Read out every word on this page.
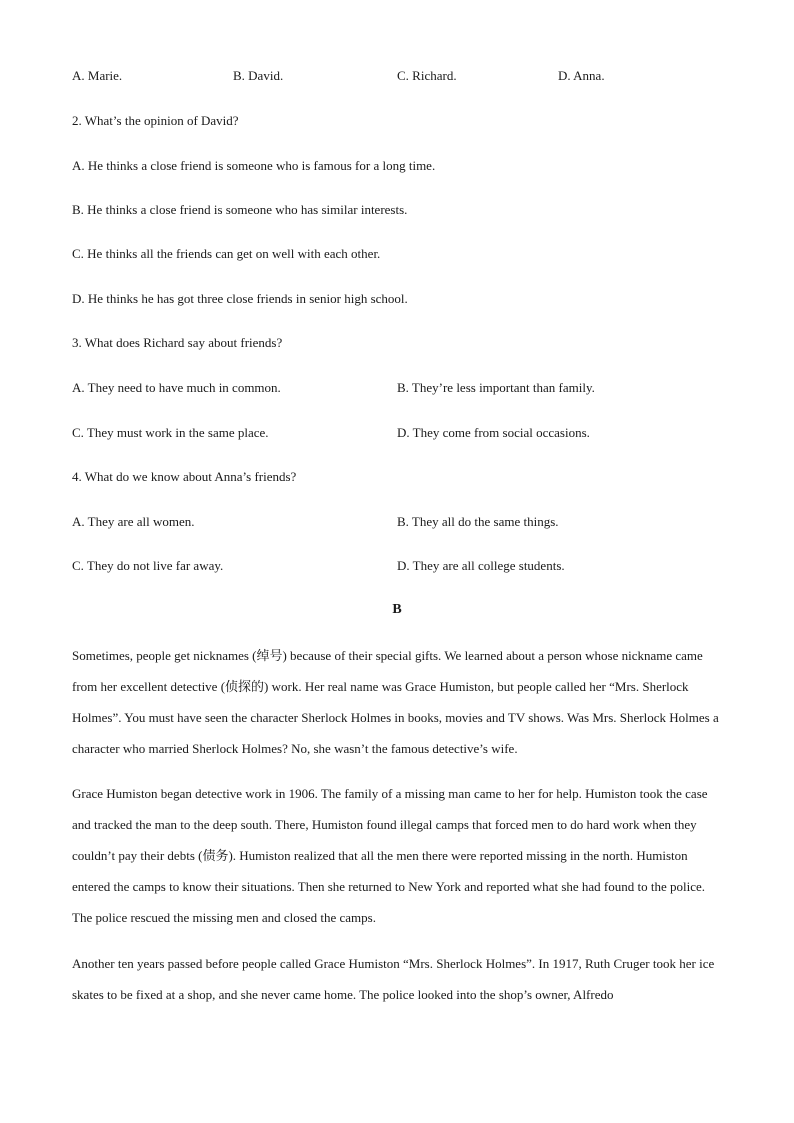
A. Marie.	B. David.	C. Richard.	D. Anna.
2. What’s the opinion of David?
A. He thinks a close friend is someone who is famous for a long time.
B. He thinks a close friend is someone who has similar interests.
C. He thinks all the friends can get on well with each other.
D. He thinks he has got three close friends in senior high school.
3. What does Richard say about friends?
A. They need to have much in common.	B. They’re less important than family.
C. They must work in the same place.	D. They come from social occasions.
4. What do we know about Anna’s friends?
A. They are all women.	B. They all do the same things.
C. They do not live far away.	D. They are all college students.
B
Sometimes, people get nicknames (绰号) because of their special gifts. We learned about a person whose nickname came from her excellent detective (侦探的) work. Her real name was Grace Humiston, but people called her “Mrs. Sherlock Holmes”. You must have seen the character Sherlock Holmes in books, movies and TV shows. Was Mrs. Sherlock Holmes a character who married Sherlock Holmes? No, she wasn’t the famous detective’s wife.
Grace Humiston began detective work in 1906. The family of a missing man came to her for help. Humiston took the case and tracked the man to the deep south. There, Humiston found illegal camps that forced men to do hard work when they couldn’t pay their debts (债务). Humiston realized that all the men there were reported missing in the north. Humiston entered the camps to know their situations. Then she returned to New York and reported what she had found to the police. The police rescued the missing men and closed the camps.
Another ten years passed before people called Grace Humiston “Mrs. Sherlock Holmes”. In 1917, Ruth Cruger took her ice skates to be fixed at a shop, and she never came home. The police looked into the shop’s owner, Alfredo
